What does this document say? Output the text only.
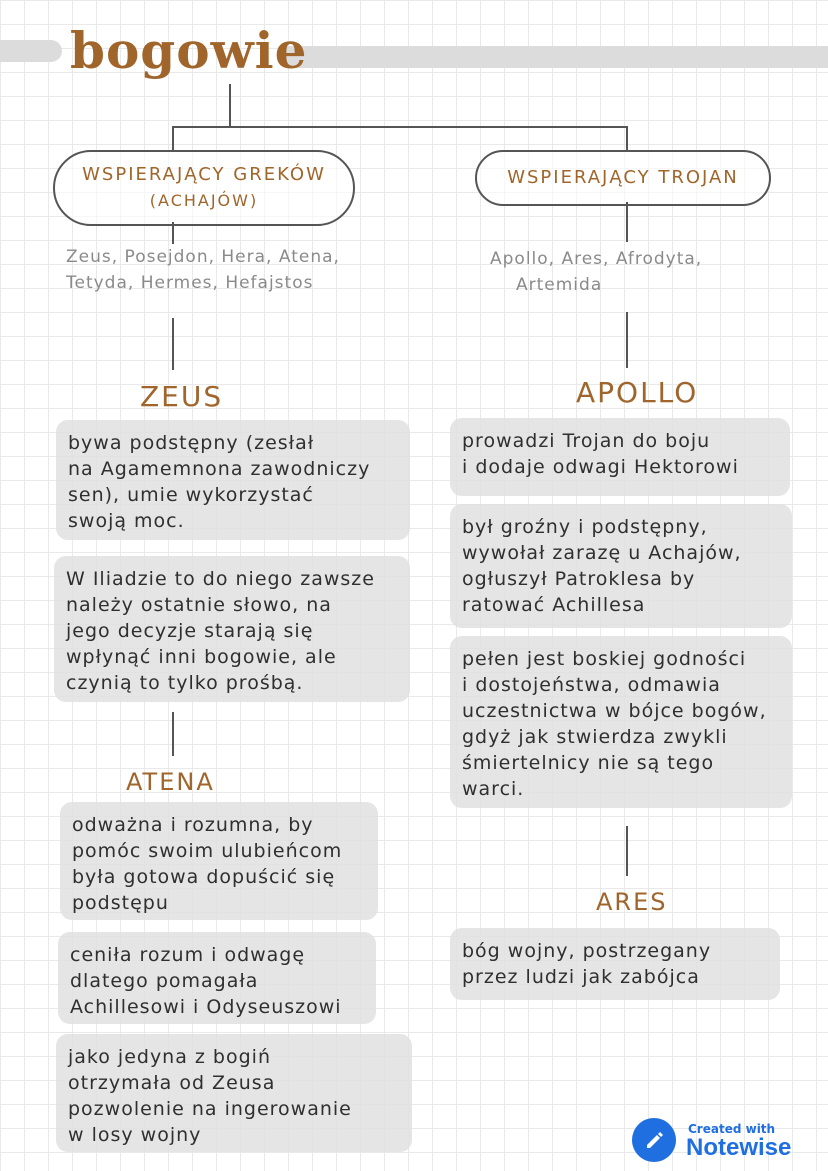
bogowie
WSPIERAJĄCY GREKÓW
(ACHAJÓW)
WSPIERAJĄCY TROJAN
Zeus, Posejdon, Hera, Atena,
Tetyda, Hermes, Hefajstos
Apollo, Ares, Afrodyta,
Artemida
ZEUS
bywa podstępny (zesłał
na Agamemnona zawodniczy
sen), umie wykorzystać
swoją moc.
W Iliadzie to do niego zawsze
należy ostatnie słowo, na
jego decyzje starają się
wpłynąć inni bogowie, ale
czynią to tylko prośbą.
ATENA
odważna i rozumna, by
pomóc swoim ulubieńcom
była gotowa dopuścić się
podstępu
ceniła rozum i odwagę
dlatego pomagała
Achillesowi i Odyseuszowi
jako jedyna z bogiń
otrzymała od Zeusa
pozwolenie na ingerowanie
w losy wojny
APOLLO
prowadzi Trojan do boju
i dodaje odwagi Hektorowi
był groźny i podstępny,
wywołał zarazę u Achajów,
ogłuszył Patroklesa by
ratować Achillesa
pełen jest boskiej godności
i dostojeństwa, odmawia
uczestnictwa w bójce bogów,
gdyż jak stwierdza zwykli
śmiertelnicy nie są tego
warci.
ARES
bóg wojny, postrzegany
przez ludzi jak zabójca
Created with
Notewise
